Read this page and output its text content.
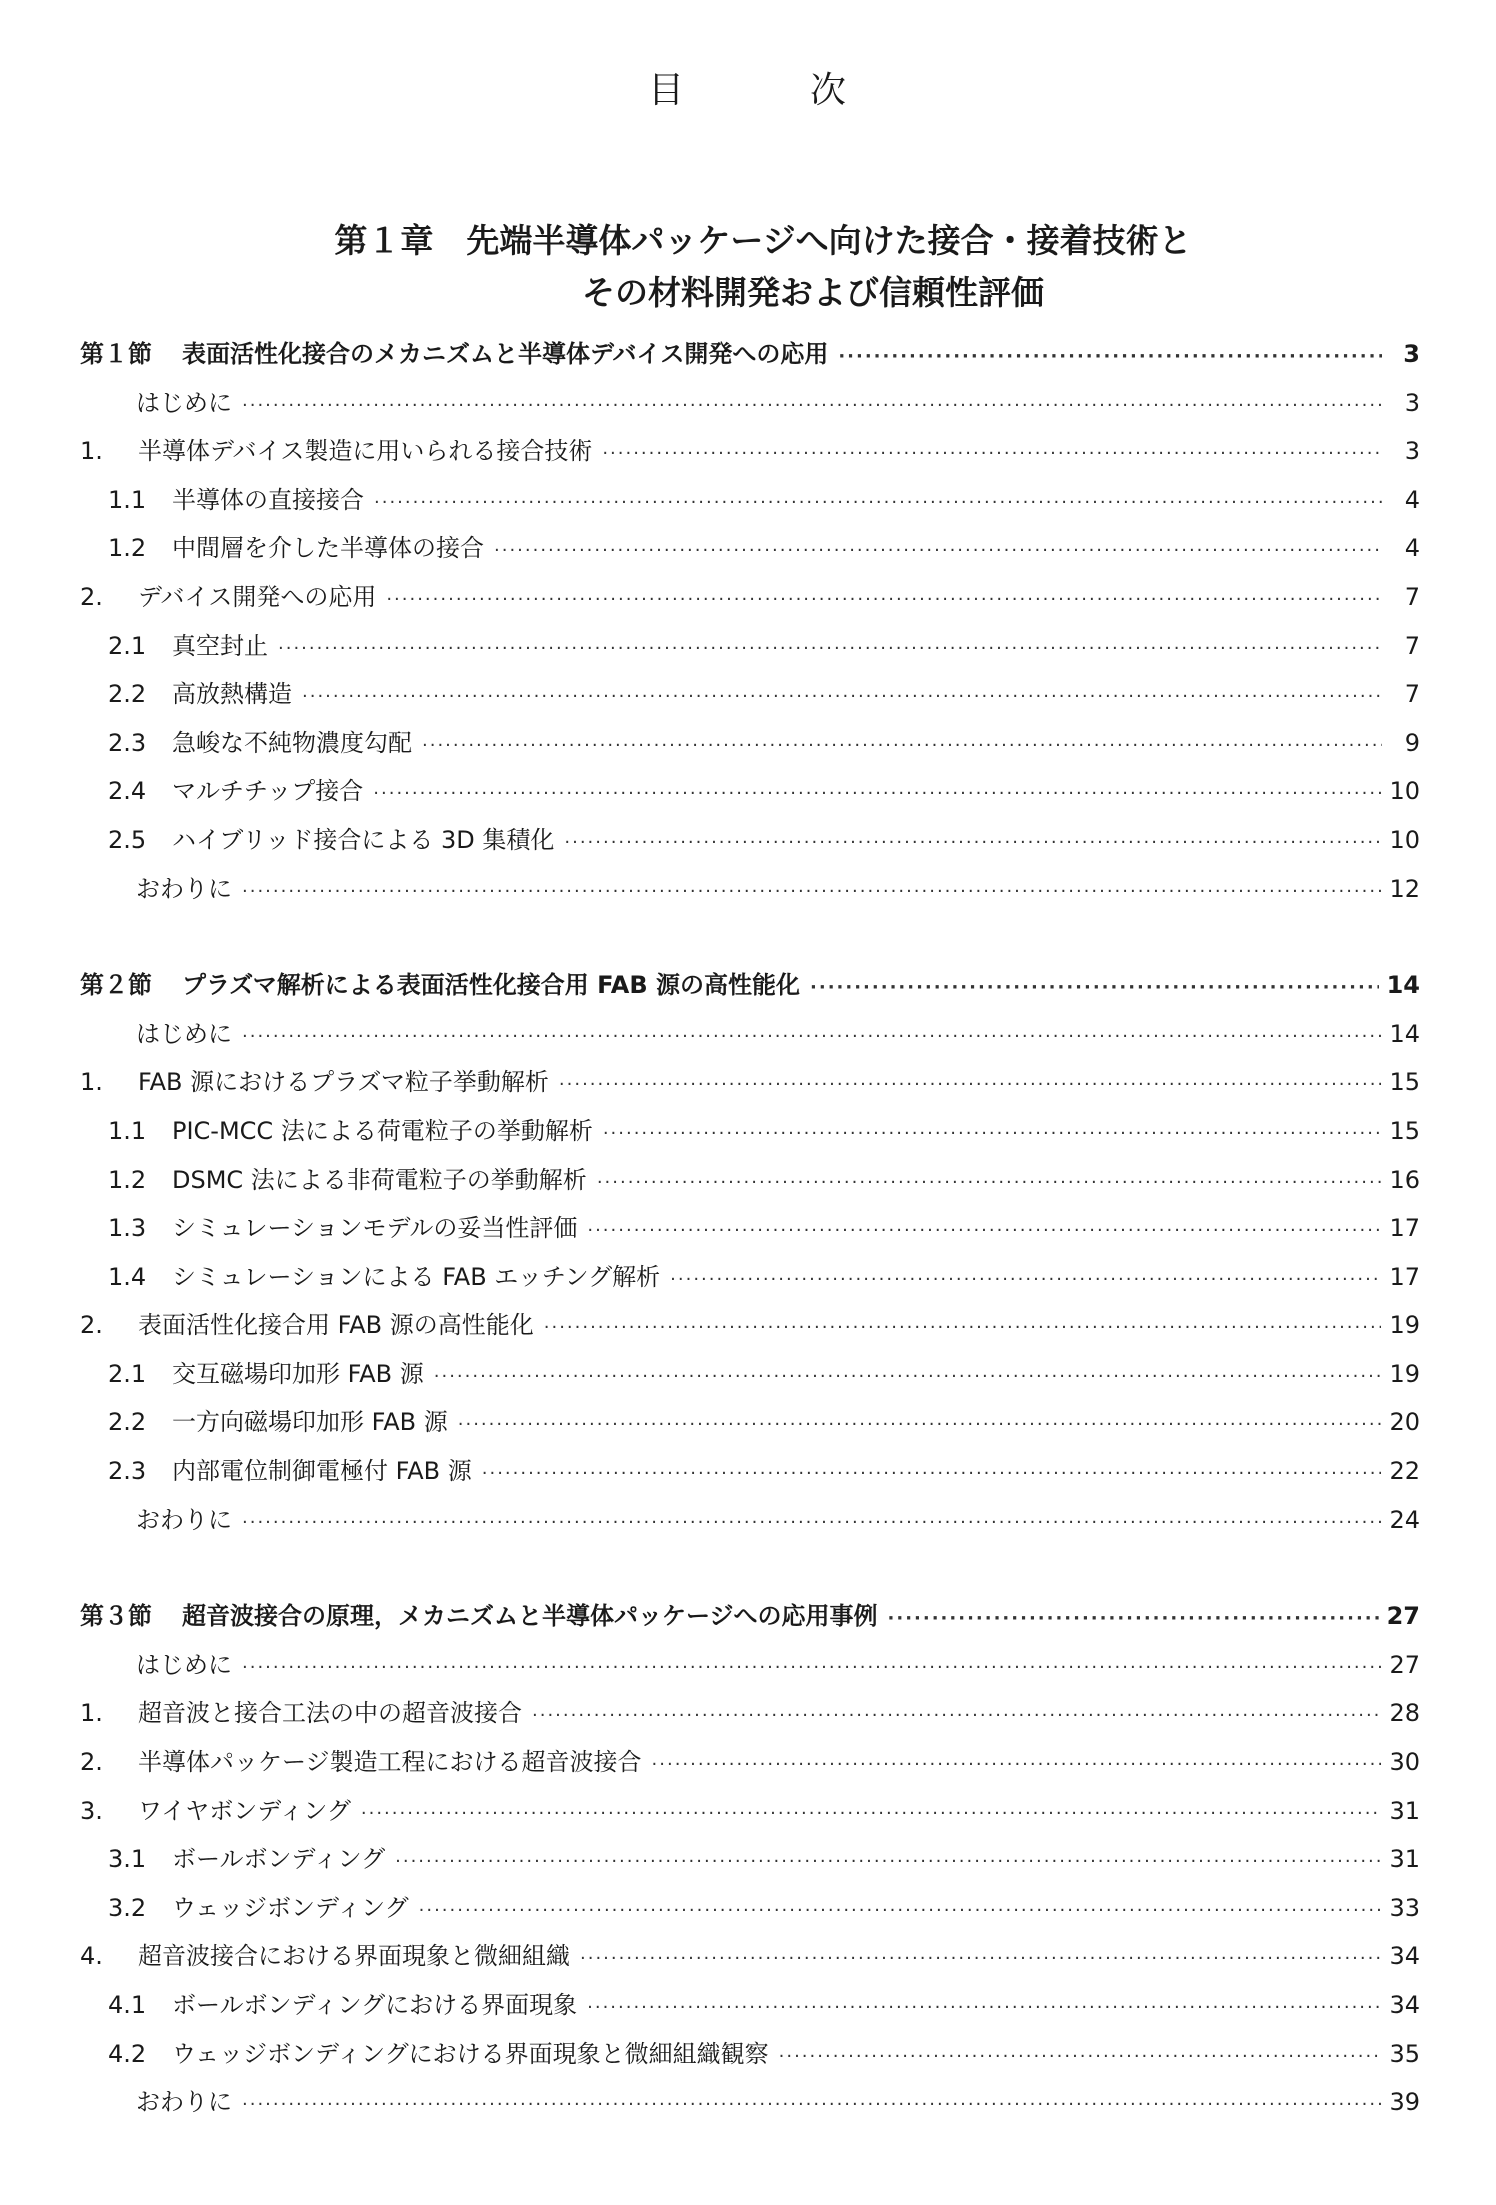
目	次
第１章　先端半導体パッケージへ向けた接合・接着技術と
その材料開発および信頼性評価
第１節	表面活性化接合のメカニズムと半導体デバイス開発への応用 ·····	3
はじめに ·····	3
1.	半導体デバイス製造に用いられる接合技術 ·····	3
1.1	半導体の直接接合 ·····	4
1.2	中間層を介した半導体の接合 ·····	4
2.	デバイス開発への応用 ·····	7
2.1	真空封止 ·····	7
2.2	高放熱構造 ·····	7
2.3	急峻な不純物濃度勾配 ·····	9
2.4	マルチチップ接合 ·····	10
2.5	ハイブリッド接合による 3D 集積化 ·····	10
おわりに ·····	12
第２節	プラズマ解析による表面活性化接合用 FAB 源の高性能化 ·····	14
はじめに ·····	14
1.	FAB 源におけるプラズマ粒子挙動解析 ·····	15
1.1	PIC-MCC 法による荷電粒子の挙動解析 ·····	15
1.2	DSMC 法による非荷電粒子の挙動解析 ·····	16
1.3	シミュレーションモデルの妥当性評価 ·····	17
1.4	シミュレーションによる FAB エッチング解析 ·····	17
2.	表面活性化接合用 FAB 源の高性能化 ·····	19
2.1	交互磁場印加形 FAB 源 ·····	19
2.2	一方向磁場印加形 FAB 源 ·····	20
2.3	内部電位制御電極付 FAB 源 ·····	22
おわりに ·····	24
第３節	超音波接合の原理，メカニズムと半導体パッケージへの応用事例 ·····	27
はじめに ·····	27
1.	超音波と接合工法の中の超音波接合 ·····	28
2.	半導体パッケージ製造工程における超音波接合 ·····	30
3.	ワイヤボンディング ·····	31
3.1	ボールボンディング ·····	31
3.2	ウェッジボンディング ·····	33
4.	超音波接合における界面現象と微細組織 ·····	34
4.1	ボールボンディングにおける界面現象 ·····	34
4.2	ウェッジボンディングにおける界面現象と微細組織観察 ·····	35
おわりに ·····	39
